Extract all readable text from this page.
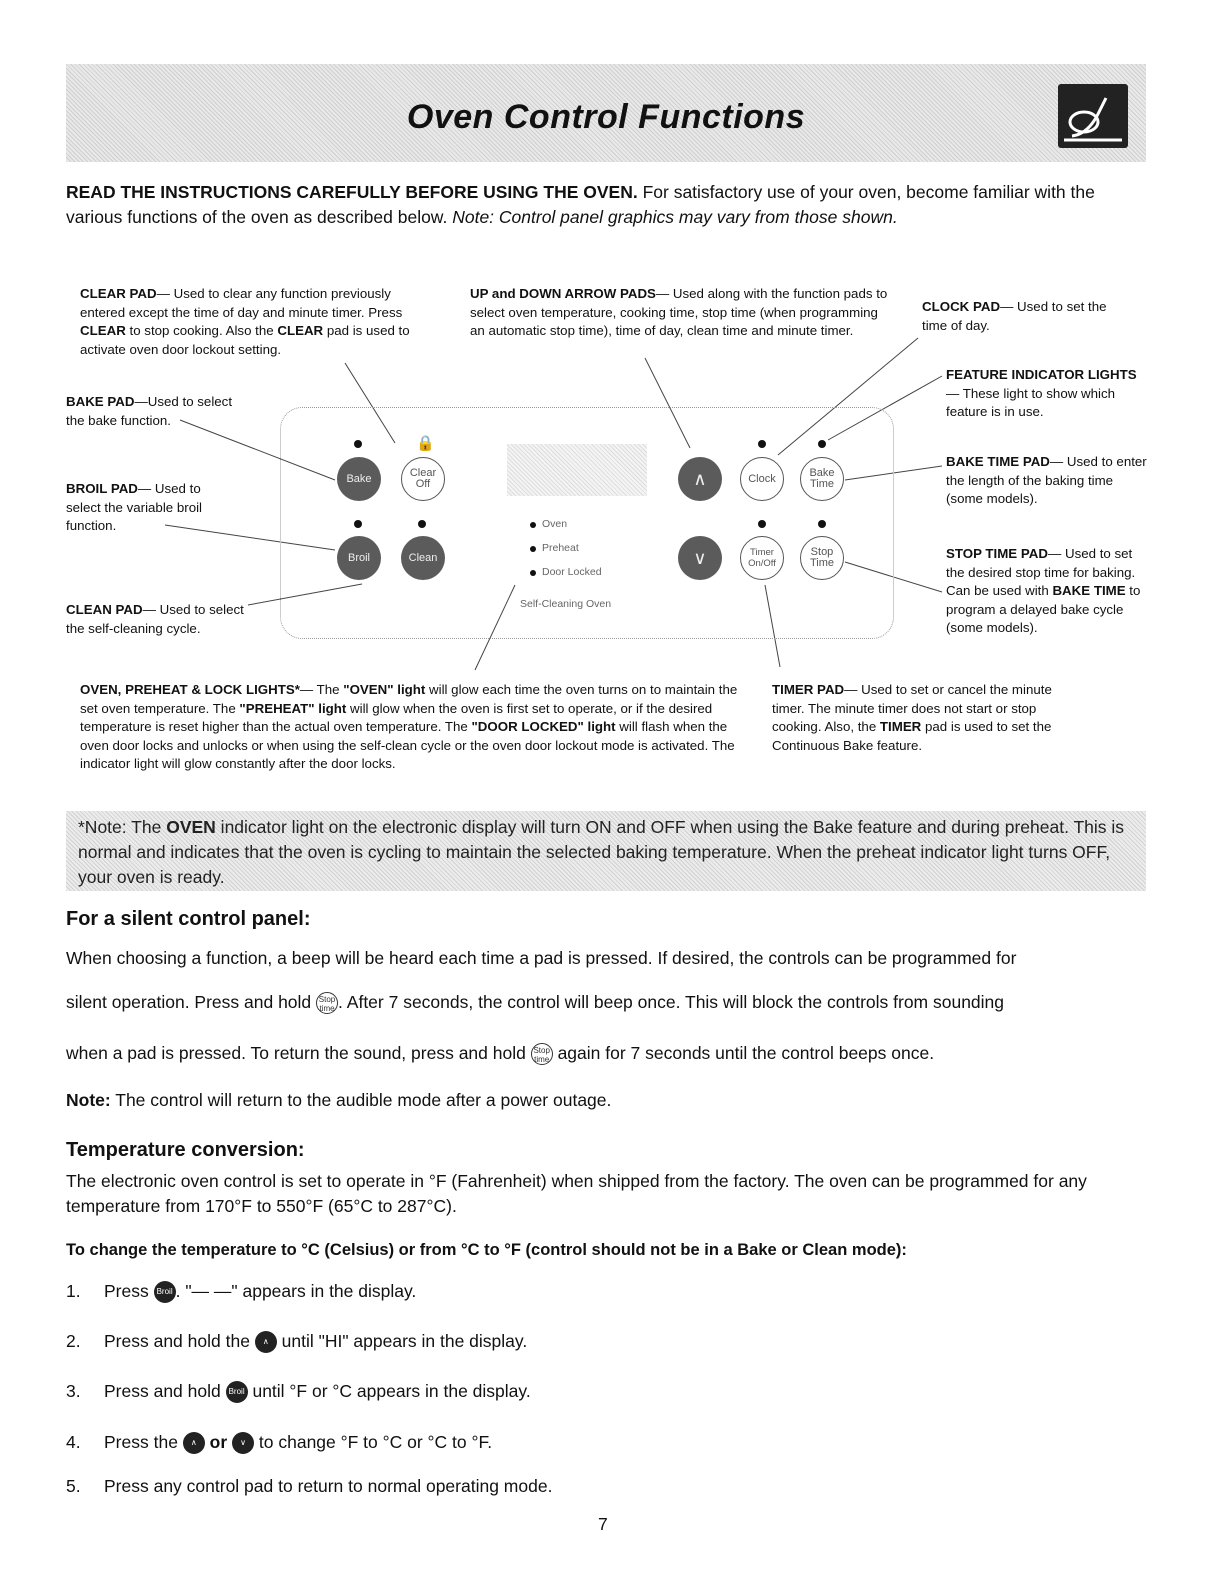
Oven Control Functions
READ THE INSTRUCTIONS CAREFULLY BEFORE USING THE OVEN. For satisfactory use of your oven, become familiar with the various functions of the oven as described below. Note: Control panel graphics may vary from those shown.
CLEAR PAD— Used to clear any function previously entered except the time of day and minute timer. Press CLEAR to stop cooking. Also the CLEAR pad is used to activate oven door lockout setting.
UP and DOWN ARROW PADS— Used along with the function pads to select oven temperature, cooking time, stop time (when programming an automatic stop time), time of day, clean time and minute timer.
CLOCK PAD— Used to set the time of day.
FEATURE INDICATOR LIGHTS— These light to show which feature is in use.
BAKE PAD—Used to select the bake function.
BROIL PAD— Used to select the variable broil function.
BAKE TIME PAD— Used to enter the length of the baking time (some models).
STOP TIME PAD— Used to set the desired stop time for baking. Can be used with BAKE TIME to program a delayed bake cycle (some models).
CLEAN PAD— Used to select the self-cleaning cycle.
OVEN, PREHEAT & LOCK LIGHTS*— The "OVEN" light will glow each time the oven turns on to maintain the set oven temperature. The "PREHEAT" light will glow when the oven is first set to operate, or if the desired temperature is reset higher than the actual oven temperature. The "DOOR LOCKED" light will flash when the oven door locks and unlocks or when using the self-clean cycle or the oven door lockout mode is activated. The indicator light will glow constantly after the door locks.
TIMER PAD— Used to set or cancel the minute timer. The minute timer does not start or stop cooking. Also, the TIMER pad is used to set the Continuous Bake feature.
🔒
Bake	Clear Off
Broil	Clean
∧
∨
Clock	Bake Time
Timer On/Off
Stop Time
Oven
Preheat
Door Locked
Self-Cleaning Oven
*Note: The OVEN indicator light on the electronic display will turn ON and OFF when using the Bake feature and during preheat. This is normal and indicates that the oven is cycling to maintain the selected baking temperature. When the preheat indicator light turns OFF, your oven is ready.
For a silent control panel:
When choosing a function, a beep will be heard each time a pad is pressed. If desired, the controls can be programmed for
silent operation. Press and hold Stop time . After 7 seconds, the control will beep once. This will block the controls from sounding
when a pad is pressed. To return the sound, press and hold Stop time again for 7 seconds until the control beeps once.
Note: The control will return to the audible mode after a power outage.
Temperature conversion:
The electronic oven control is set to operate in °F (Fahrenheit) when shipped from the factory. The oven can be programmed for any temperature from 170°F to 550°F (65°C to 287°C).
To change the temperature to °C (Celsius) or from °C to °F (control should not be in a Bake or Clean mode):
1. Press Broil . "— —" appears in the display.
2. Press and hold the ∧ until "HI" appears in the display.
3. Press and hold Broil until °F or °C appears in the display.
4. Press the ∧ or ∨ to change °F to °C or °C to °F.
5. Press any control pad to return to normal operating mode.
7
